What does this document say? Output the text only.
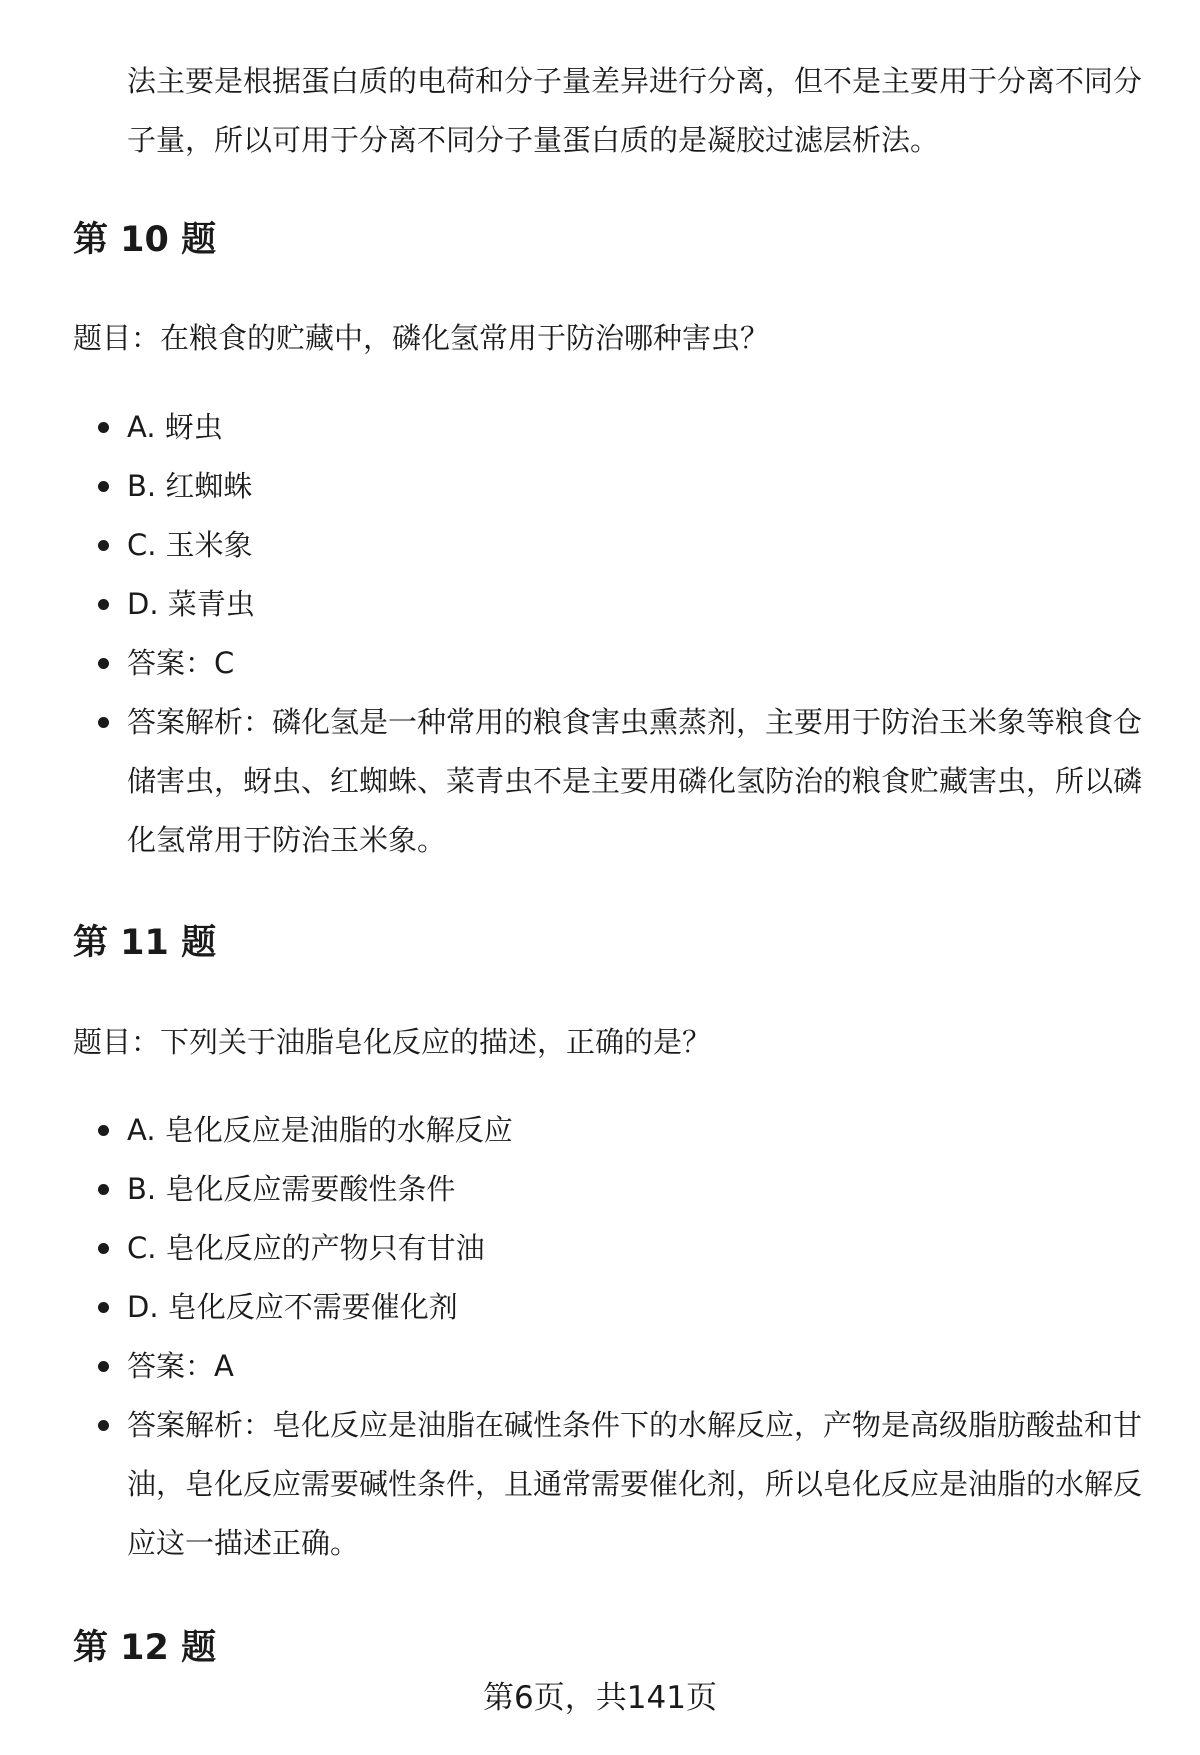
法主要是根据蛋白质的电荷和分子量差异进行分离，但不是主要用于分离不同分子量，所以可用于分离不同分子量蛋白质的是凝胶过滤层析法。

第 10 题

题目：在粮食的贮藏中，磷化氢常用于防治哪种害虫？

A. 蚜虫
B. 红蜘蛛
C. 玉米象
D. 菜青虫
答案：C
答案解析：磷化氢是一种常用的粮食害虫熏蒸剂，主要用于防治玉米象等粮食仓储害虫，蚜虫、红蜘蛛、菜青虫不是主要用磷化氢防治的粮食贮藏害虫，所以磷化氢常用于防治玉米象。
第 11 题

题目：下列关于油脂皂化反应的描述，正确的是？

A. 皂化反应是油脂的水解反应
B. 皂化反应需要酸性条件
C. 皂化反应的产物只有甘油
D. 皂化反应不需要催化剂
答案：A
答案解析：皂化反应是油脂在碱性条件下的水解反应，产物是高级脂肪酸盐和甘油，皂化反应需要碱性条件，且通常需要催化剂，所以皂化反应是油脂的水解反应这一描述正确。
第 12 题
第6页，共141页
